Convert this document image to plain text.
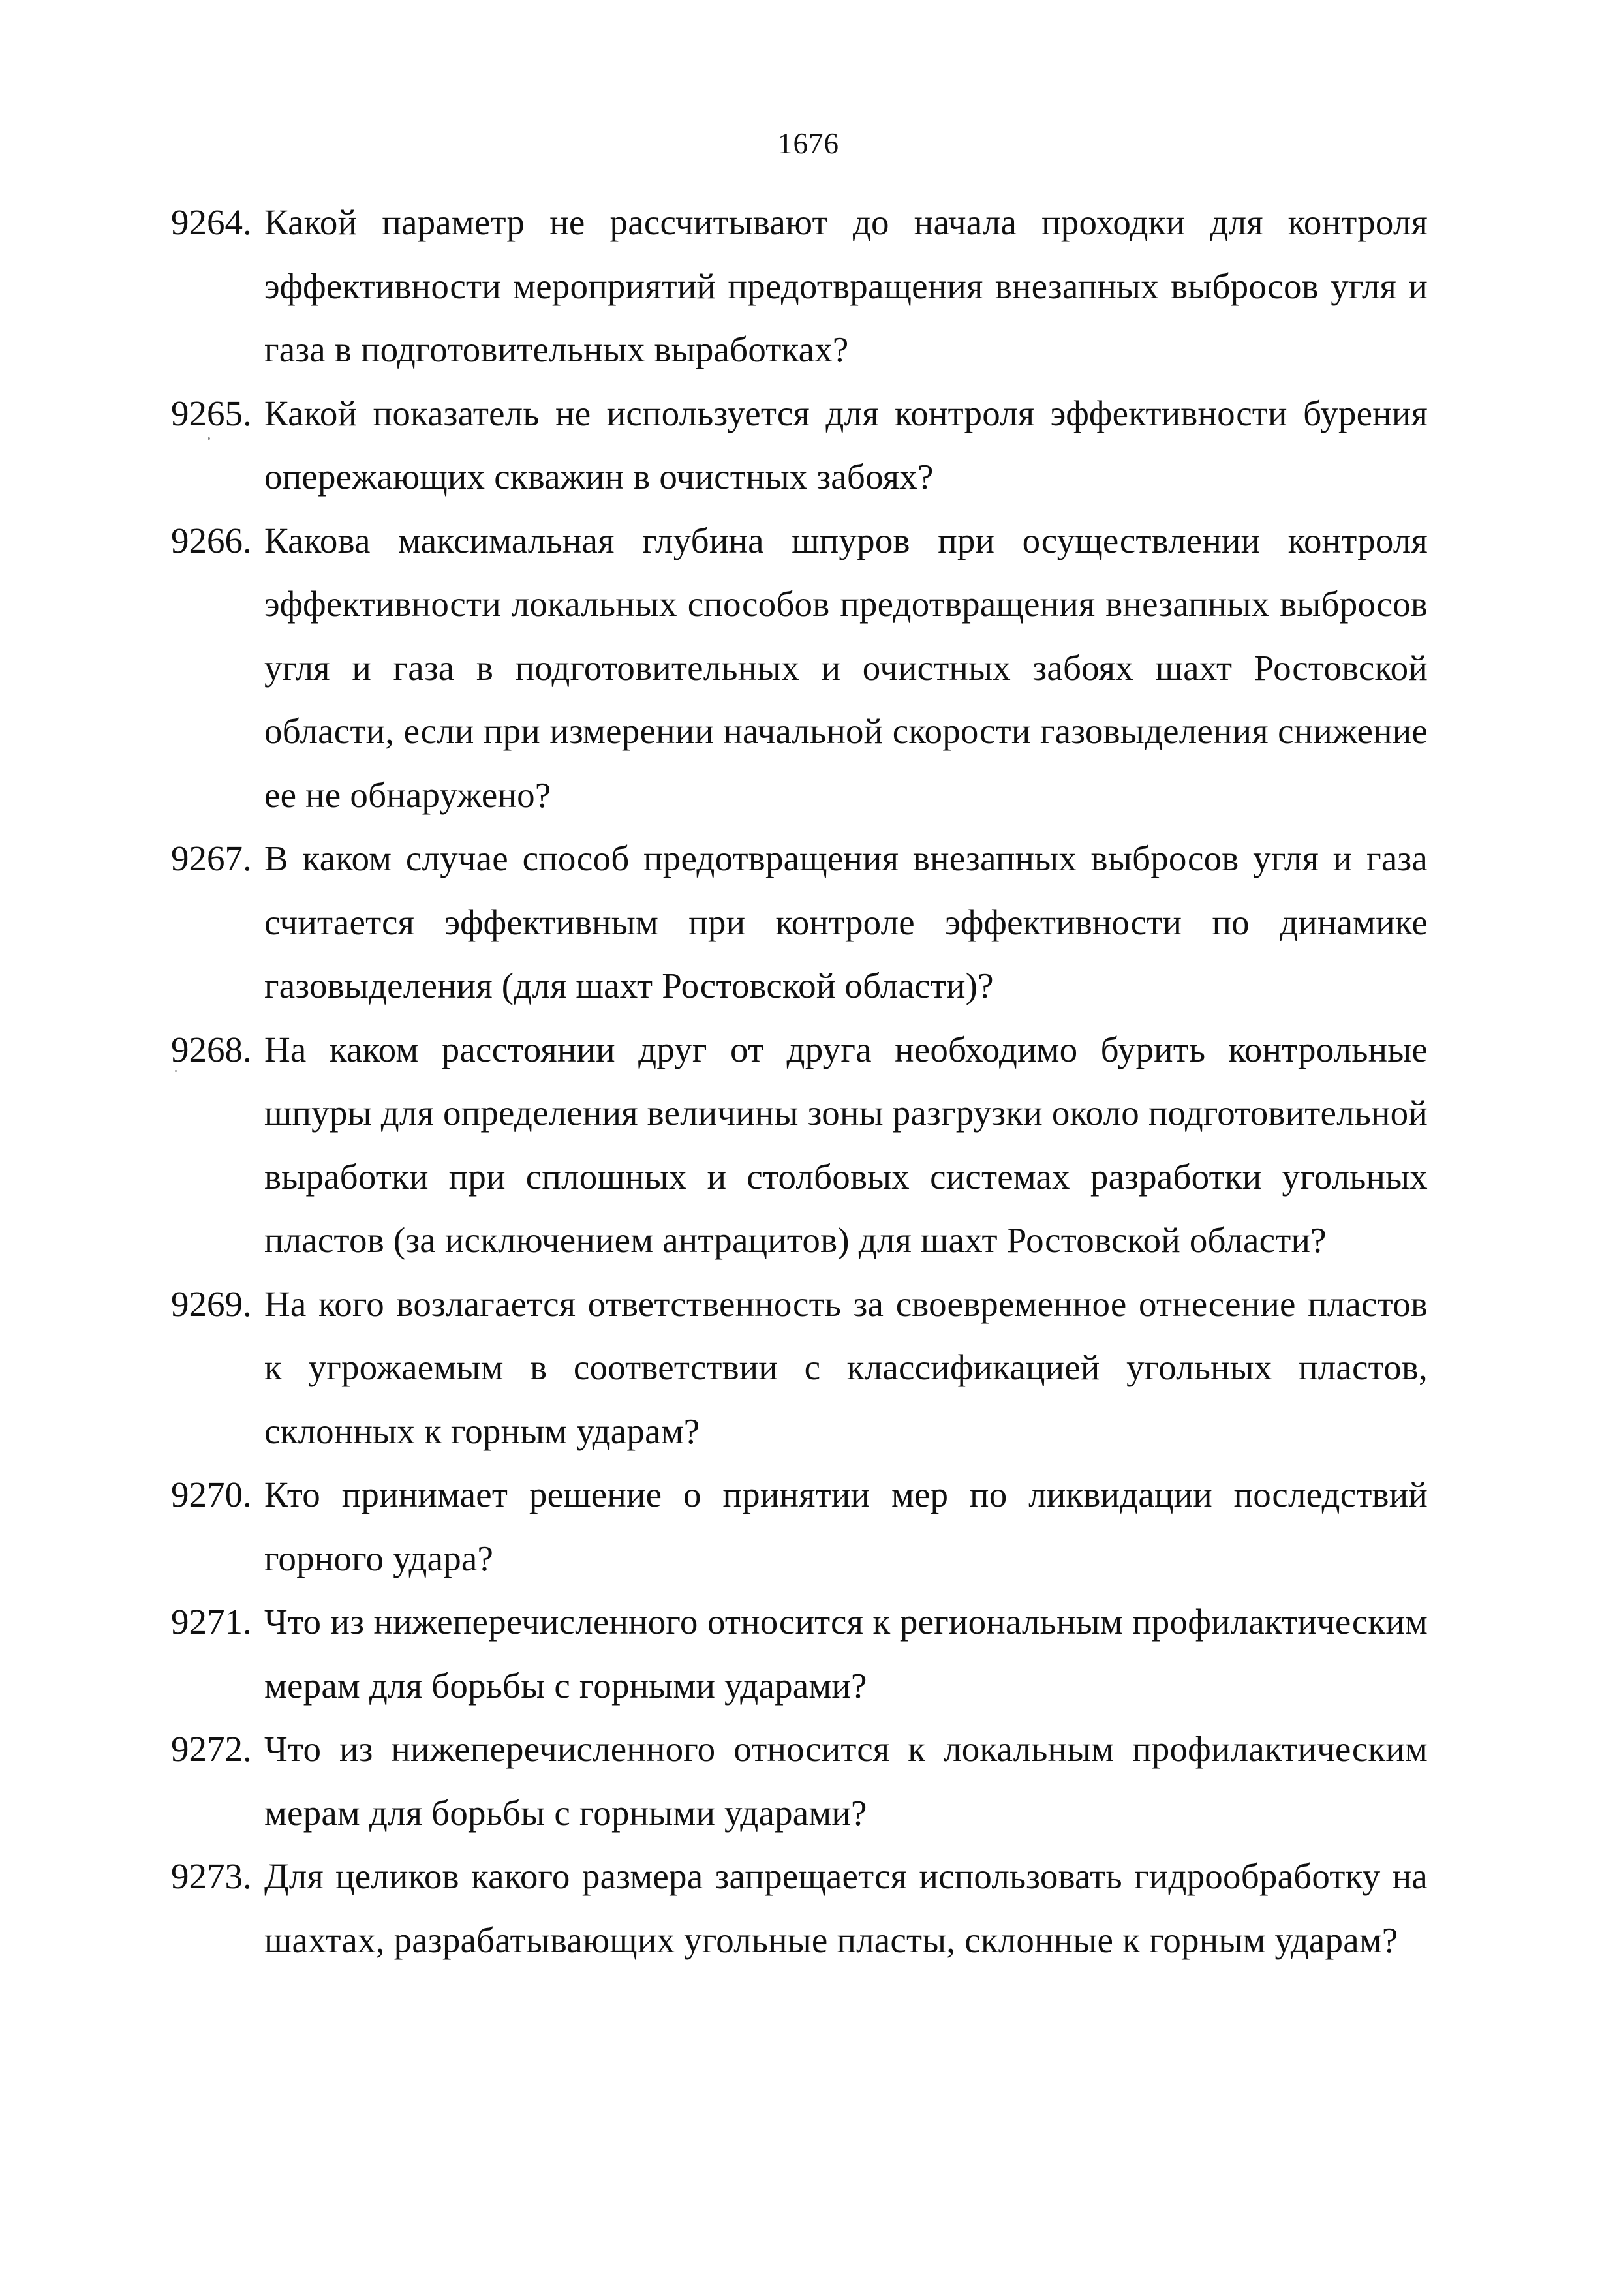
1676

9264. Какой параметр не рассчитывают до начала проходки для контроля эффективности мероприятий предотвращения внезапных выбросов угля и газа в подготовительных выработках?

9265. Какой показатель не используется для контроля эффективности бурения опережающих скважин в очистных забоях?

9266. Какова максимальная глубина шпуров при осуществлении контроля эффективности локальных способов предотвращения внезапных выбросов угля и газа в подготовительных и очистных забоях шахт Ростовской области, если при измерении начальной скорости газовыделения снижение ее не обнаружено?

9267. В каком случае способ предотвращения внезапных выбросов угля и газа считается эффективным при контроле эффективности по динамике газовыделения (для шахт Ростовской области)?

9268. На каком расстоянии друг от друга необходимо бурить контрольные шпуры для определения величины зоны разгрузки около подготовительной выработки при сплошных и столбовых системах разработки угольных пластов (за исключением антрацитов) для шахт Ростовской области?

9269. На кого возлагается ответственность за своевременное отнесение пластов к угрожаемым в соответствии с классификацией угольных пластов, склонных к горным ударам?

9270. Кто принимает решение о принятии мер по ликвидации последствий горного удара?

9271. Что из нижеперечисленного относится к региональным профилактическим мерам для борьбы с горными ударами?

9272. Что из нижеперечисленного относится к локальным профилактическим мерам для борьбы с горными ударами?

9273. Для целиков какого размера запрещается использовать гидрообработку на шахтах, разрабатывающих угольные пласты, склонные к горным ударам?
